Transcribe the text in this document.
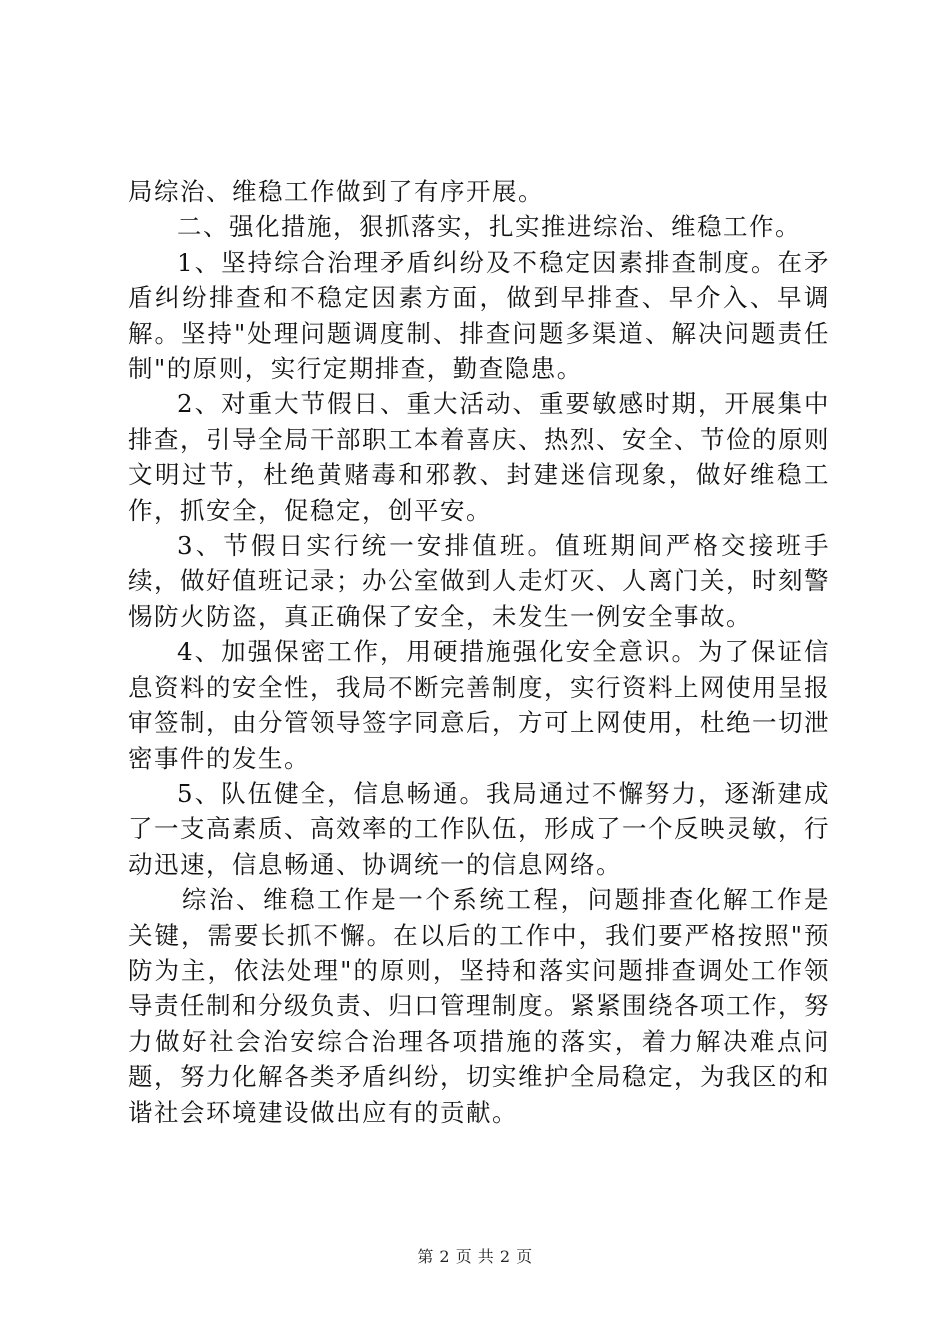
局综治、维稳工作做到了有序开展。

二、强化措施，狠抓落实，扎实推进综治、维稳工作。

1、坚持综合治理矛盾纠纷及不稳定因素排查制度。在矛盾纠纷排查和不稳定因素方面，做到早排查、早介入、早调解。坚持"处理问题调度制、排查问题多渠道、解决问题责任制"的原则，实行定期排查，勤查隐患。

2、对重大节假日、重大活动、重要敏感时期，开展集中排查，引导全局干部职工本着喜庆、热烈、安全、节俭的原则文明过节，杜绝黄赌毒和邪教、封建迷信现象，做好维稳工作，抓安全，促稳定，创平安。

3、节假日实行统一安排值班。值班期间严格交接班手续，做好值班记录；办公室做到人走灯灭、人离门关，时刻警惕防火防盗，真正确保了安全，未发生一例安全事故。

4、加强保密工作，用硬措施强化安全意识。为了保证信息资料的安全性，我局不断完善制度，实行资料上网使用呈报审签制，由分管领导签字同意后，方可上网使用，杜绝一切泄密事件的发生。

5、队伍健全，信息畅通。我局通过不懈努力，逐渐建成了一支高素质、高效率的工作队伍，形成了一个反映灵敏，行动迅速，信息畅通、协调统一的信息网络。

综治、维稳工作是一个系统工程，问题排查化解工作是关键，需要长抓不懈。在以后的工作中，我们要严格按照"预防为主，依法处理"的原则，坚持和落实问题排查调处工作领导责任制和分级负责、归口管理制度。紧紧围绕各项工作，努力做好社会治安综合治理各项措施的落实，着力解决难点问题，努力化解各类矛盾纠纷，切实维护全局稳定，为我区的和谐社会环境建设做出应有的贡献。

第 2 页 共 2 页
